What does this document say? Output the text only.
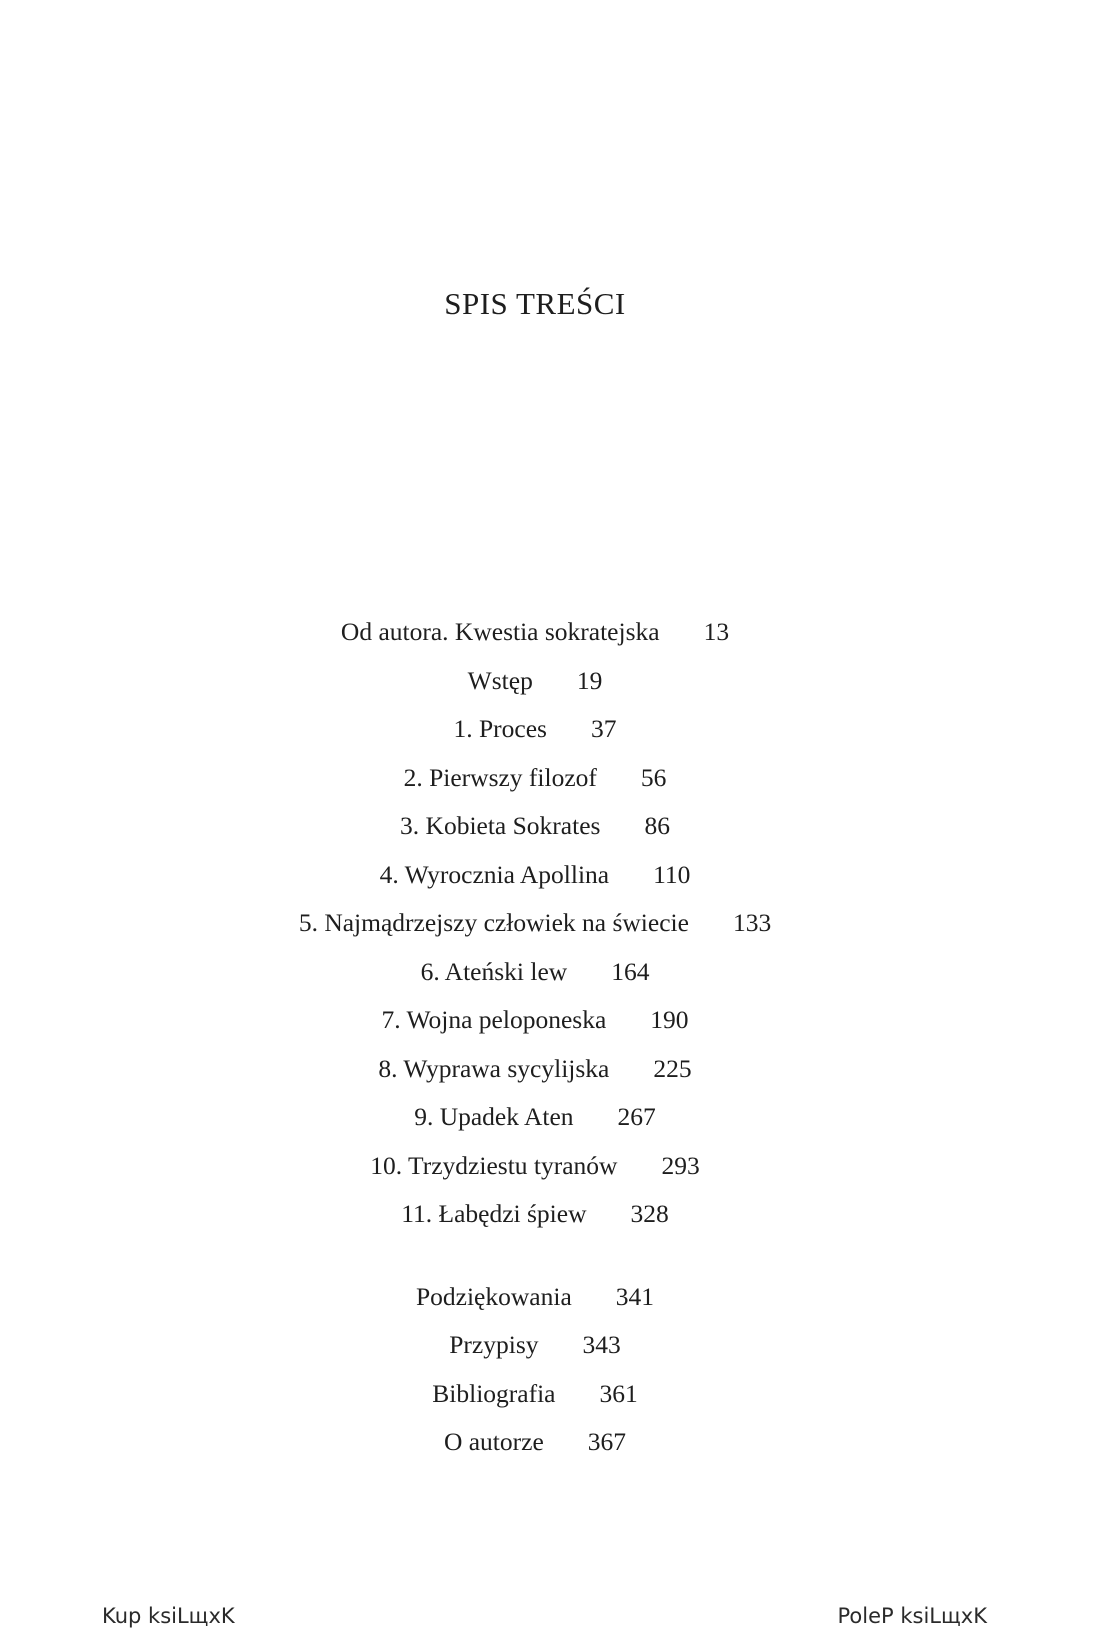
SPIS TREŚCI
Od autora. Kwestia sokratejska 13
Wstęp 19
1. Proces 37
2. Pierwszy filozof 56
3. Kobieta Sokrates 86
4. Wyrocznia Apollina 110
5. Najmądrzejszy człowiek na świecie 133
6. Ateński lew 164
7. Wojna peloponeska 190
8. Wyprawa sycylijska 225
9. Upadek Aten 267
10. Trzydziestu tyranów 293
11. Łabędzi śpiew 328
Podziękowania 341
Przypisy 343
Bibliografia 361
O autorze 367
Kup ksiLщxK	PoleP ksiLщxK
